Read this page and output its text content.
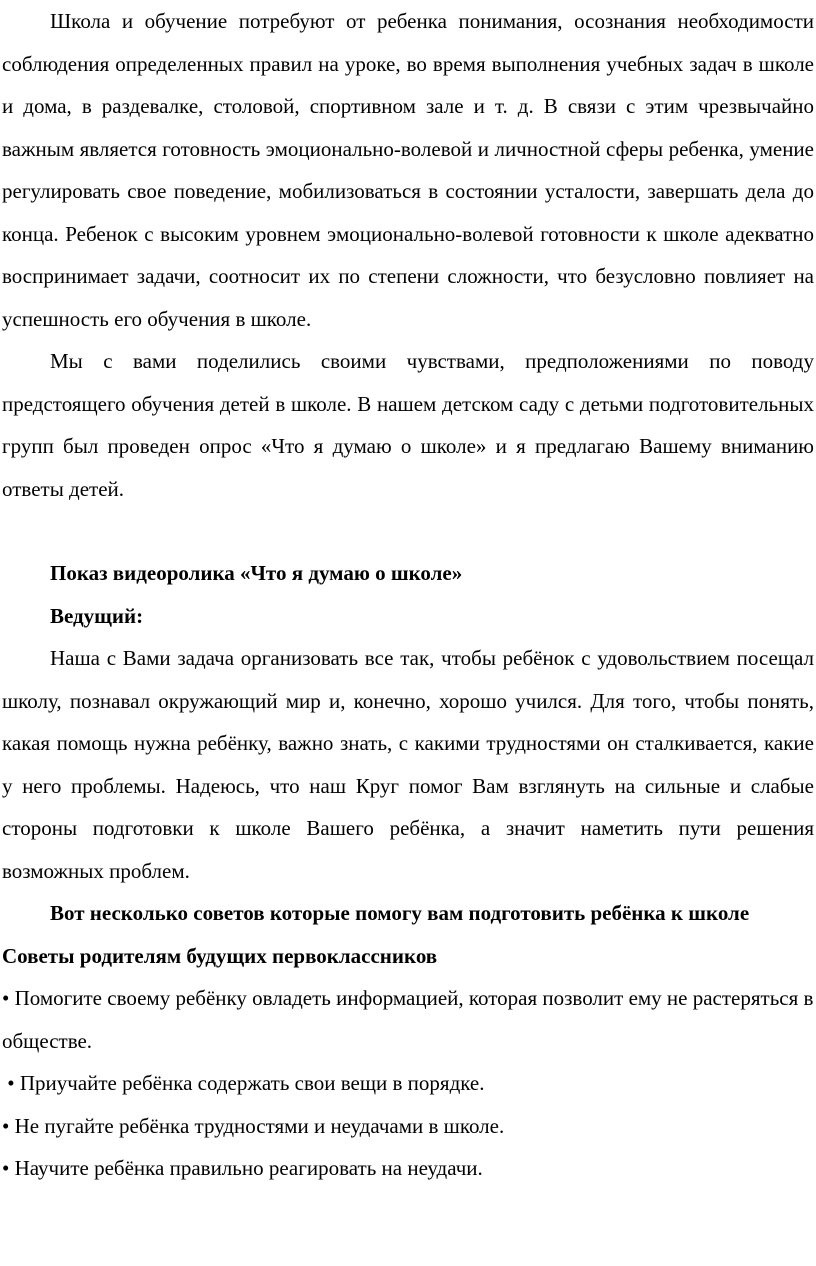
Школа и обучение потребуют от ребенка понимания, осознания необходимости соблюдения определенных правил на уроке, во время выполнения учебных задач в школе и дома, в раздевалке, столовой, спортивном зале и т. д. В связи с этим чрезвычайно важным является готовность эмоционально-волевой и личностной сферы ребенка, умение регулировать свое поведение, мобилизоваться в состоянии усталости, завершать дела до конца. Ребенок с высоким уровнем эмоционально-волевой готовности к школе адекватно воспринимает задачи, соотносит их по степени сложности, что безусловно повлияет на успешность его обучения в школе.

Мы с вами поделились своими чувствами, предположениями по поводу предстоящего обучения детей в школе. В нашем детском саду с детьми подготовительных групп был проведен опрос «Что я думаю о школе» и я предлагаю Вашему вниманию ответы детей.

Показ видеоролика «Что я думаю о школе»

Ведущий:

Наша с Вами задача организовать все так, чтобы ребёнок с удовольствием посещал школу, познавал окружающий мир и, конечно, хорошо учился. Для того, чтобы понять, какая помощь нужна ребёнку, важно знать, с какими трудностями он сталкивается, какие у него проблемы. Надеюсь, что наш Круг помог Вам взглянуть на сильные и слабые стороны подготовки к школе Вашего ребёнка, а значит наметить пути решения возможных проблем.

Вот несколько советов которые помогу вам подготовить ребёнка к школе

Советы родителям будущих первоклассников

• Помогите своему ребёнку овладеть информацией, которая позволит ему не растеряться в обществе.

• Приучайте ребёнка содержать свои вещи в порядке.

• Не пугайте ребёнка трудностями и неудачами в школе.

• Научите ребёнка правильно реагировать на неудачи.
